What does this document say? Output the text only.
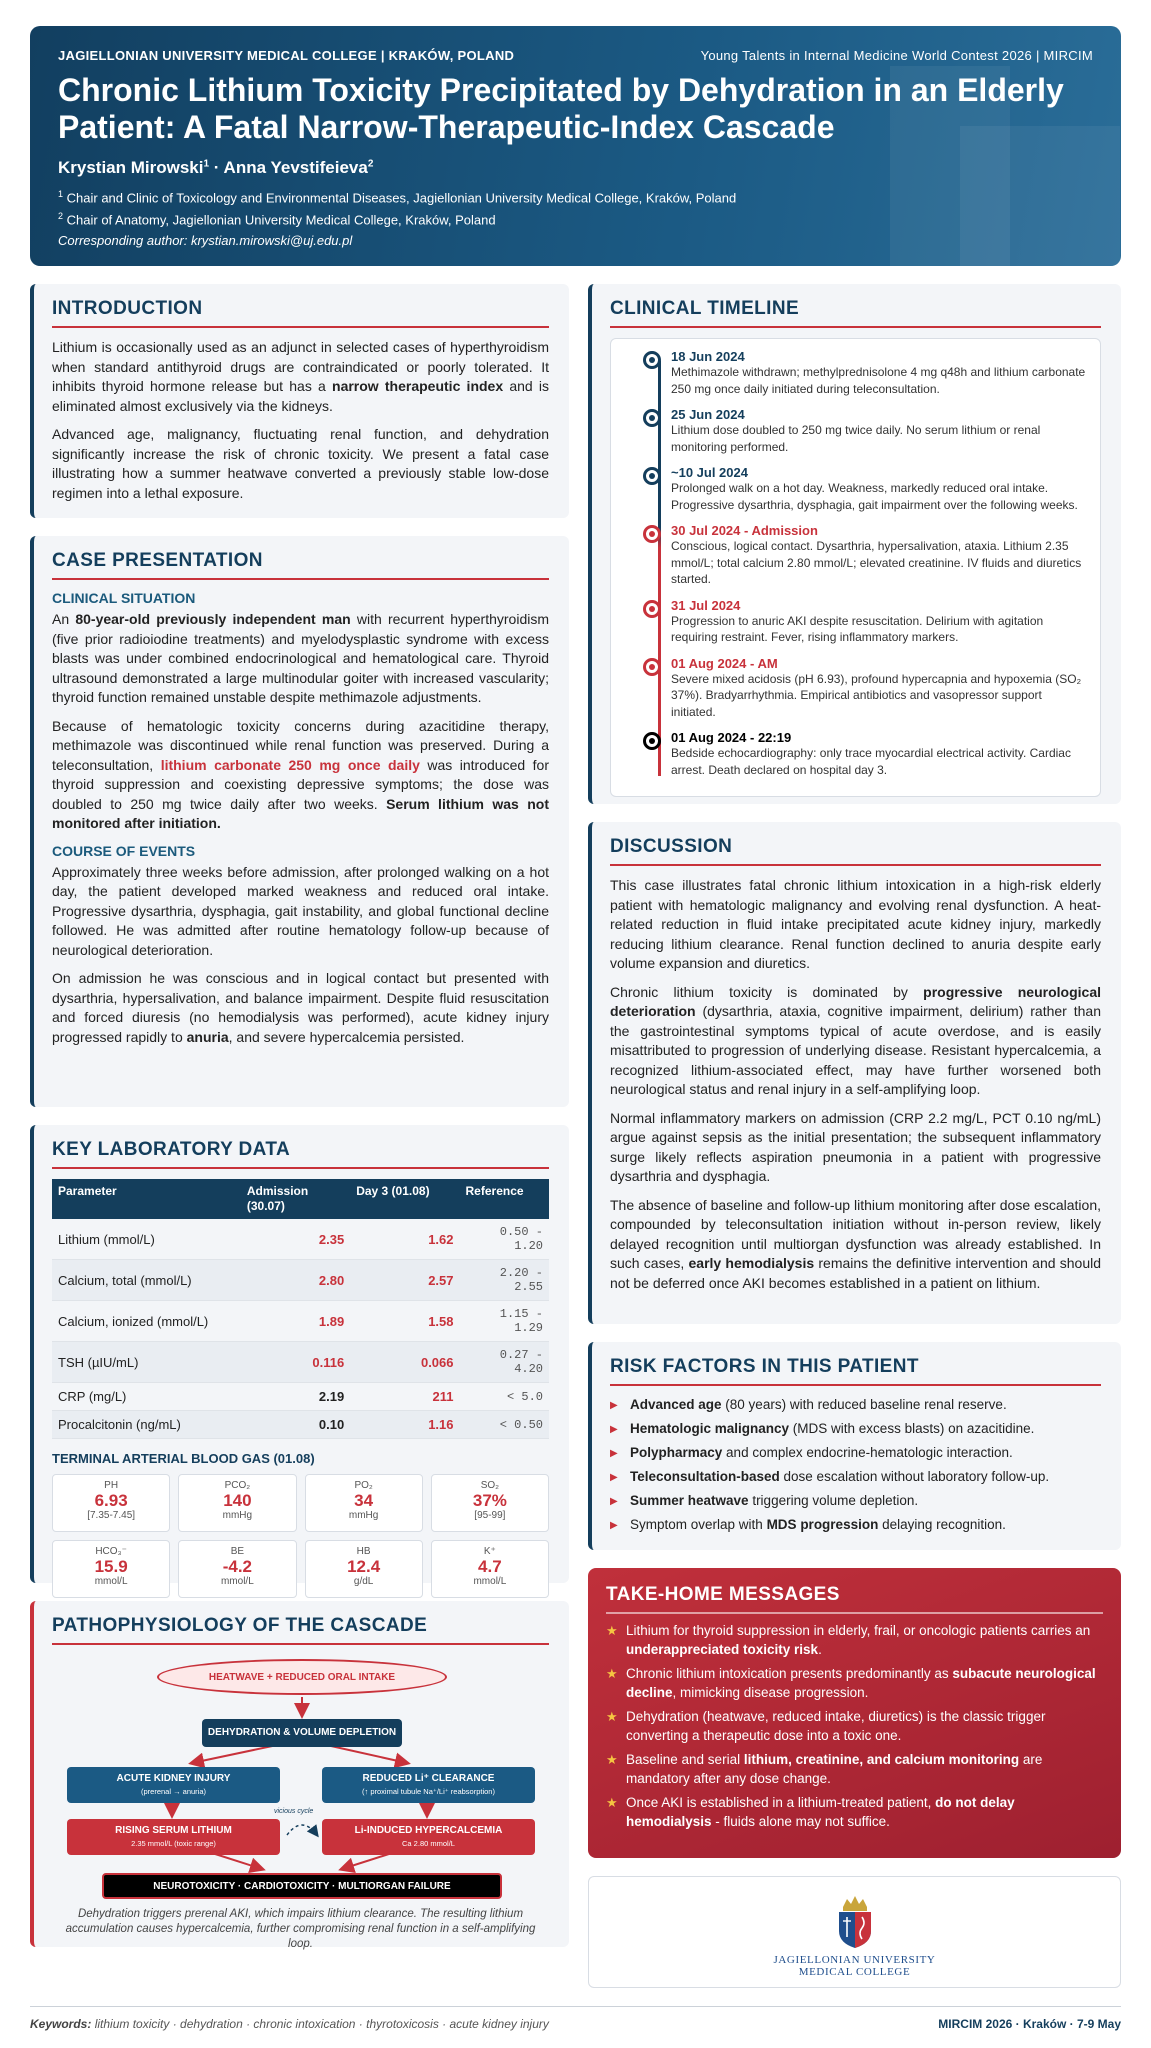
JAGIELLONIAN UNIVERSITY MEDICAL COLLEGE | KRAKÓW, POLAND	Young Talents in Internal Medicine World Contest 2026 | MIRCIM
Chronic Lithium Toxicity Precipitated by Dehydration in an Elderly
Patient: A Fatal Narrow-Therapeutic-Index Cascade
Krystian Mirowski$^1$ · Anna Yevstifeieva$^2$
$^1$ Chair and Clinic of Toxicology and Environmental Diseases, Jagiellonian University Medical College, Kraków, Poland
$^2$ Chair of Anatomy, Jagiellonian University Medical College, Kraków, Poland
Corresponding author: krystian.mirowski@uj.edu.pl
INTRODUCTION

Lithium is occasionally used as an adjunct in selected cases of hyperthyroidism when standard antithyroid drugs are contraindicated or poorly tolerated. It inhibits thyroid hormone release but has a narrow therapeutic index and is eliminated almost exclusively via the kidneys.

Advanced age, malignancy, fluctuating renal function, and dehydration significantly increase the risk of chronic toxicity. We present a fatal case illustrating how a summer heatwave converted a previously stable low-dose regimen into a lethal exposure.

CASE PRESENTATION
CLINICAL SITUATION

An 80-year-old previously independent man with recurrent hyperthyroidism (five prior radioiodine treatments) and myelodysplastic syndrome with excess blasts was under combined endocrinological and hematological care. Thyroid ultrasound demonstrated a large multinodular goiter with increased vascularity; thyroid function remained unstable despite methimazole adjustments.

Because of hematologic toxicity concerns during azacitidine therapy, methimazole was discontinued while renal function was preserved. During a teleconsultation, lithium carbonate 250 mg once daily was introduced for thyroid suppression and coexisting depressive symptoms; the dose was doubled to 250 mg twice daily after two weeks. Serum lithium was not monitored after initiation.

COURSE OF EVENTS

Approximately three weeks before admission, after prolonged walking on a hot day, the patient developed marked weakness and reduced oral intake. Progressive dysarthria, dysphagia, gait instability, and global functional decline followed. He was admitted after routine hematology follow-up because of neurological deterioration.

On admission he was conscious and in logical contact but presented with dysarthria, hypersalivation, and balance impairment. Despite fluid resuscitation and forced diuresis (no hemodialysis was performed), acute kidney injury progressed rapidly to anuria, and severe hypercalcemia persisted.

KEY LABORATORY DATA
Parameter	Admission (30.07)	Day 3 (01.08)	Reference
Lithium (mmol/L)	2.35	1.62	0.50 - 1.20
Calcium, total (mmol/L)	2.80	2.57	2.20 - 2.55
Calcium, ionized (mmol/L)	1.89	1.58	1.15 - 1.29
TSH (µIU/mL)	0.116	0.066	0.27 - 4.20
CRP (mg/L)	2.19	211	< 5.0
Procalcitonin (ng/mL)	0.10	1.16	< 0.50
TERMINAL ARTERIAL BLOOD GAS (01.08)
PH
6.93
[7.35-7.45]
PCO₂
140
mmHg
PO₂
34
mmHg
SO₂
37%
[95-99]
HCO₃⁻
15.9
mmol/L
BE
-4.2
mmol/L
HB
12.4
g/dL
K⁺
4.7
mmol/L
PATHOPHYSIOLOGY OF THE CASCADE
HEATWAVE + REDUCED ORAL INTAKE
DEHYDRATION & VOLUME DEPLETION
ACUTE KIDNEY INJURY
(prerenal → anuria)
REDUCED Li⁺ CLEARANCE
(↑ proximal tubule Na⁺/Li⁺ reabsorption)
vicious cycle
RISING SERUM LITHIUM
2.35 mmol/L (toxic range)
Li-INDUCED HYPERCALCEMIA
Ca 2.80 mmol/L
NEUROTOXICITY · CARDIOTOXICITY · MULTIORGAN FAILURE
Dehydration triggers prerenal AKI, which impairs lithium clearance. The resulting lithium accumulation causes hypercalcemia, further compromising renal function in a self-amplifying loop.
CLINICAL TIMELINE
18 Jun 2024
Methimazole withdrawn; methylprednisolone 4 mg q48h and lithium carbonate 250 mg once daily initiated during teleconsultation.
25 Jun 2024
Lithium dose doubled to 250 mg twice daily. No serum lithium or renal monitoring performed.
~10 Jul 2024
Prolonged walk on a hot day. Weakness, markedly reduced oral intake. Progressive dysarthria, dysphagia, gait impairment over the following weeks.
30 Jul 2024 - Admission
Conscious, logical contact. Dysarthria, hypersalivation, ataxia. Lithium 2.35 mmol/L; total calcium 2.80 mmol/L; elevated creatinine. IV fluids and diuretics started.
31 Jul 2024
Progression to anuric AKI despite resuscitation. Delirium with agitation requiring restraint. Fever, rising inflammatory markers.
01 Aug 2024 - AM
Severe mixed acidosis (pH 6.93), profound hypercapnia and hypoxemia (SO₂ 37%). Bradyarrhythmia. Empirical antibiotics and vasopressor support initiated.
01 Aug 2024 - 22:19
Bedside echocardiography: only trace myocardial electrical activity. Cardiac arrest. Death declared on hospital day 3.
DISCUSSION

This case illustrates fatal chronic lithium intoxication in a high-risk elderly patient with hematologic malignancy and evolving renal dysfunction. A heat-related reduction in fluid intake precipitated acute kidney injury, markedly reducing lithium clearance. Renal function declined to anuria despite early volume expansion and diuretics.

Chronic lithium toxicity is dominated by progressive neurological deterioration (dysarthria, ataxia, cognitive impairment, delirium) rather than the gastrointestinal symptoms typical of acute overdose, and is easily misattributed to progression of underlying disease. Resistant hypercalcemia, a recognized lithium-associated effect, may have further worsened both neurological status and renal injury in a self-amplifying loop.

Normal inflammatory markers on admission (CRP 2.2 mg/L, PCT 0.10 ng/mL) argue against sepsis as the initial presentation; the subsequent inflammatory surge likely reflects aspiration pneumonia in a patient with progressive dysarthria and dysphagia.

The absence of baseline and follow-up lithium monitoring after dose escalation, compounded by teleconsultation initiation without in-person review, likely delayed recognition until multiorgan dysfunction was already established. In such cases, early hemodialysis remains the definitive intervention and should not be deferred once AKI becomes established in a patient on lithium.

RISK FACTORS IN THIS PATIENT
▶ Advanced age (80 years) with reduced baseline renal reserve.
▶ Hematologic malignancy (MDS with excess blasts) on azacitidine.
▶ Polypharmacy and complex endocrine-hematologic interaction.
▶ Teleconsultation-based dose escalation without laboratory follow-up.
▶ Summer heatwave triggering volume depletion.
▶ Symptom overlap with MDS progression delaying recognition.
TAKE-HOME MESSAGES
★ Lithium for thyroid suppression in elderly, frail, or oncologic patients carries an underappreciated toxicity risk.
★ Chronic lithium intoxication presents predominantly as subacute neurological decline, mimicking disease progression.
★ Dehydration (heatwave, reduced intake, diuretics) is the classic trigger converting a therapeutic dose into a toxic one.
★ Baseline and serial lithium, creatinine, and calcium monitoring are mandatory after any dose change.
★ Once AKI is established in a lithium-treated patient, do not delay hemodialysis - fluids alone may not suffice.
JAGIELLONIAN UNIVERSITY
MEDICAL COLLEGE
Keywords: lithium toxicity · dehydration · chronic intoxication · thyrotoxicosis · acute kidney injury	MIRCIM 2026 · Kraków · 7-9 May
